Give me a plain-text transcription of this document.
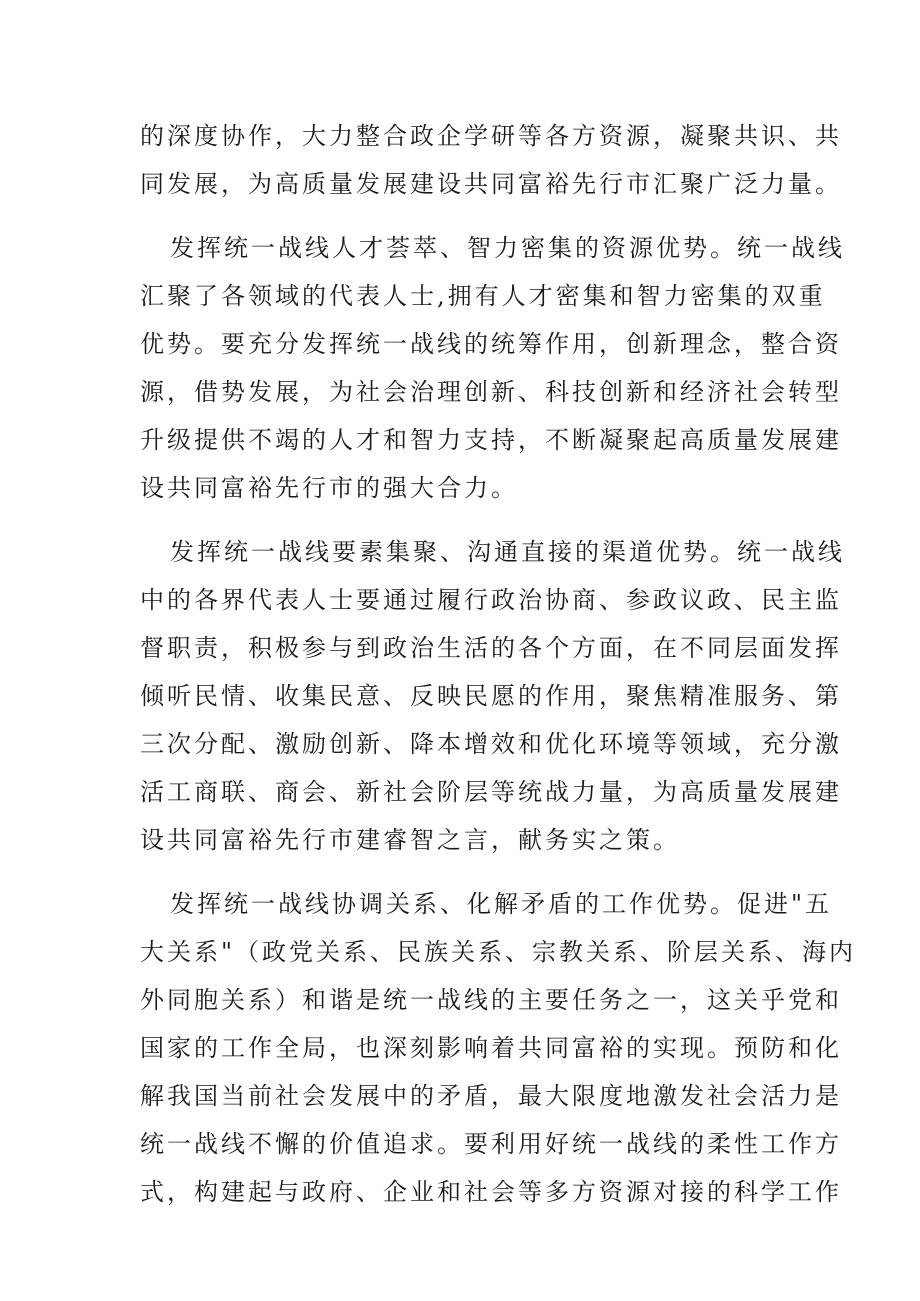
的深度协作，大力整合政企学研等各方资源，凝聚共识、共
同发展，为高质量发展建设共同富裕先行市汇聚广泛力量。
发挥统一战线人才荟萃、智力密集的资源优势。统一战线
汇聚了各领域的代表人士,拥有人才密集和智力密集的双重
优势。要充分发挥统一战线的统筹作用，创新理念，整合资
源，借势发展，为社会治理创新、科技创新和经济社会转型
升级提供不竭的人才和智力支持，不断凝聚起高质量发展建
设共同富裕先行市的强大合力。
发挥统一战线要素集聚、沟通直接的渠道优势。统一战线
中的各界代表人士要通过履行政治协商、参政议政、民主监
督职责，积极参与到政治生活的各个方面，在不同层面发挥
倾听民情、收集民意、反映民愿的作用，聚焦精准服务、第
三次分配、激励创新、降本增效和优化环境等领域，充分激
活工商联、商会、新社会阶层等统战力量，为高质量发展建
设共同富裕先行市建睿智之言，献务实之策。
发挥统一战线协调关系、化解矛盾的工作优势。促进"五
大关系"（政党关系、民族关系、宗教关系、阶层关系、海内
外同胞关系）和谐是统一战线的主要任务之一，这关乎党和
国家的工作全局，也深刻影响着共同富裕的实现。预防和化
解我国当前社会发展中的矛盾，最大限度地激发社会活力是
统一战线不懈的价值追求。要利用好统一战线的柔性工作方
式，构建起与政府、企业和社会等多方资源对接的科学工作
